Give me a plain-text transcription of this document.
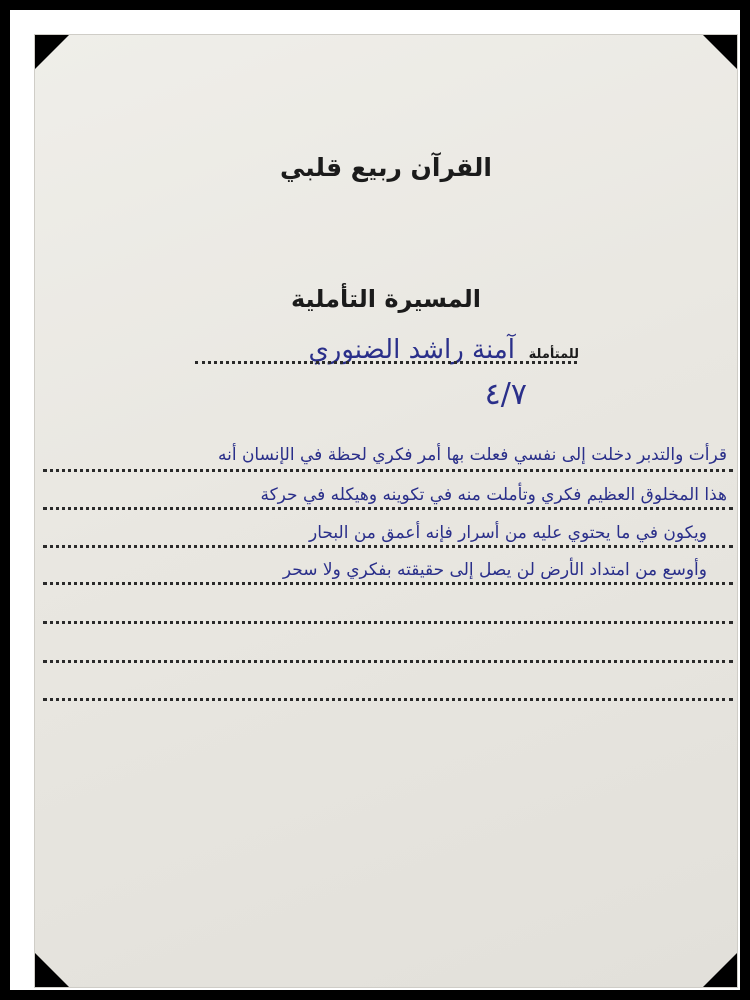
القرآن ربيع قلبي
المسيرة التأملية
للمتأملة
آمنة راشد الضنوري
٤/٧
قرأت والتدبر دخلت إلى نفسي فعلت بها أمر فكري لحظة في الإنسان أنه
هذا المخلوق العظيم فكري وتأملت منه في تكوينه وهيكله في حركة
ويكون في ما يحتوي عليه من أسرار فإنه أعمق من البحار
وأوسع من امتداد الأرض لن يصل إلى حقيقته بفكري ولا سحر
